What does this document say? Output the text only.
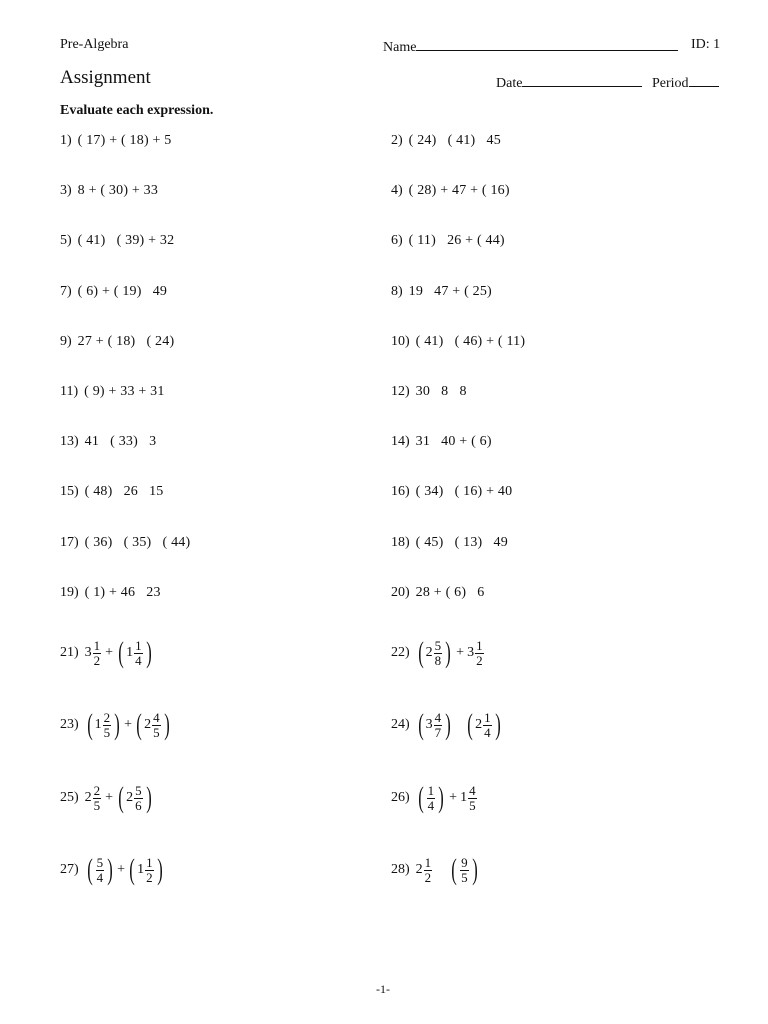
Pre-Algebra	Name	ID: 1
Assignment	Date	Period
Evaluate each expression.
1) ( 17) + ( 18) + 5	2) ( 24)   ( 41)   45
3) 8 + ( 30) + 33	4) ( 28) + 47 + ( 16)
5) ( 41)   ( 39) + 32	6) ( 11)   26 + ( 44)
7) ( 6) + ( 19)   49	8) 19   47 + ( 25)
9) 27 + ( 18)   ( 24)	10) ( 41)   ( 46) + ( 11)
11) ( 9) + 33 + 31	12) 30   8   8
13) 41   ( 33)   3	14) 31   40 + ( 6)
15) ( 48)   26   15	16) ( 34)   ( 16) + 40
17) ( 36)   ( 35)   ( 44)	18) ( 45)   ( 13)   49
19) ( 1) + 46   23	20) 28 + ( 6)   6
21) $3 \frac{1}{2}$ + ( $1 \frac{1}{4}$ )	22) ( $2 \frac{5}{8}$ ) + $3 \frac{1}{2}$
23) ( $1 \frac{2}{5}$ ) + ( $2 \frac{4}{5}$ )	24) ( $3 \frac{4}{7}$ ) ( $2 \frac{1}{4}$ )
25) $2 \frac{2}{5}$ + ( $2 \frac{5}{6}$ )	26) ( $\frac{1}{4}$ ) + $1 \frac{4}{5}$
27) ( $\frac{5}{4}$ ) + ( $1 \frac{1}{2}$ )	28) $2 \frac{1}{2}$ ( $\frac{9}{5}$ )
-1-
